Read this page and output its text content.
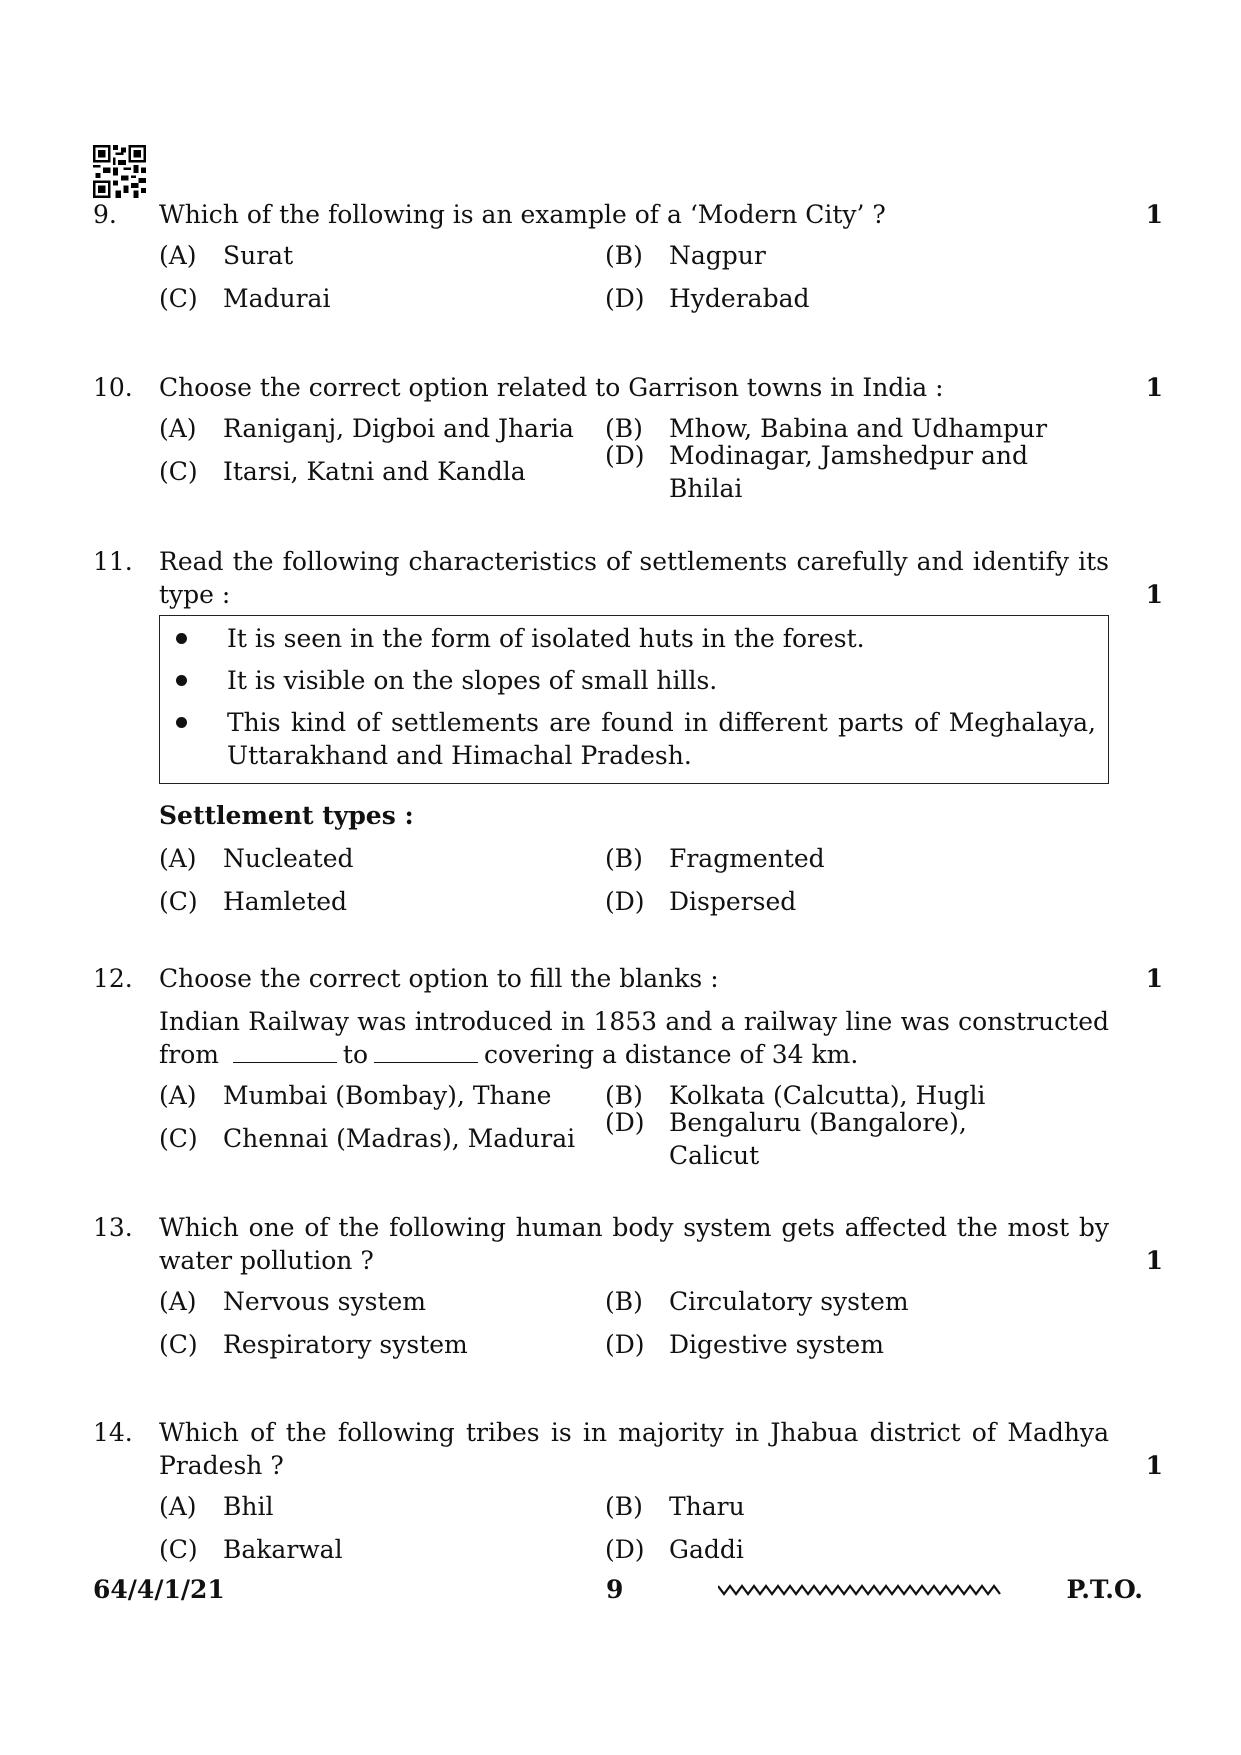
9.	Which of the following is an example of a ‘Modern City’ ?	1
(A)	Surat	(B)	Nagpur
(C)	Madurai	(D) Hyderabad
10.	Choose the correct option related to Garrison towns in India :	1
(A)	Raniganj, Digboi and Jharia (B)	Mhow, Babina and Udhampur
(C)	Itarsi, Katni and Kandla
(D) Modinagar, Jamshedpur and Bhilai
11.	Read the following characteristics of settlements carefully and identify its type :	1
It is seen in the form of isolated huts in the forest.
It is visible on the slopes of small hills.
This kind of settlements are found in different parts of Meghalaya, Uttarakhand and Himachal Pradesh.
Settlement types :
(A)	Nucleated	(B)	Fragmented
(C)	Hamleted	(D) Dispersed
12.	Choose the correct option to fill the blanks :	1
Indian Railway was introduced in 1853 and a railway line was constructed from	to	covering a distance of 34 km.
(A)	Mumbai (Bombay), Thane (B)	Kolkata (Calcutta), Hugli
(C)	Chennai (Madras), Madurai
(D) Bengaluru (Bangalore), Calicut
13.	Which one of the following human body system gets affected the most by water pollution ?	1
(A)	Nervous system	(B)	Circulatory system
(C)	Respiratory system	(D) Digestive system
14.	Which of the following tribes is in majority in Jhabua district of Madhya Pradesh ?	1
(A)	Bhil	(B)	Tharu
(C)	Bakarwal	(D) Gaddi
64/4/1/21	9	P.T.O.
